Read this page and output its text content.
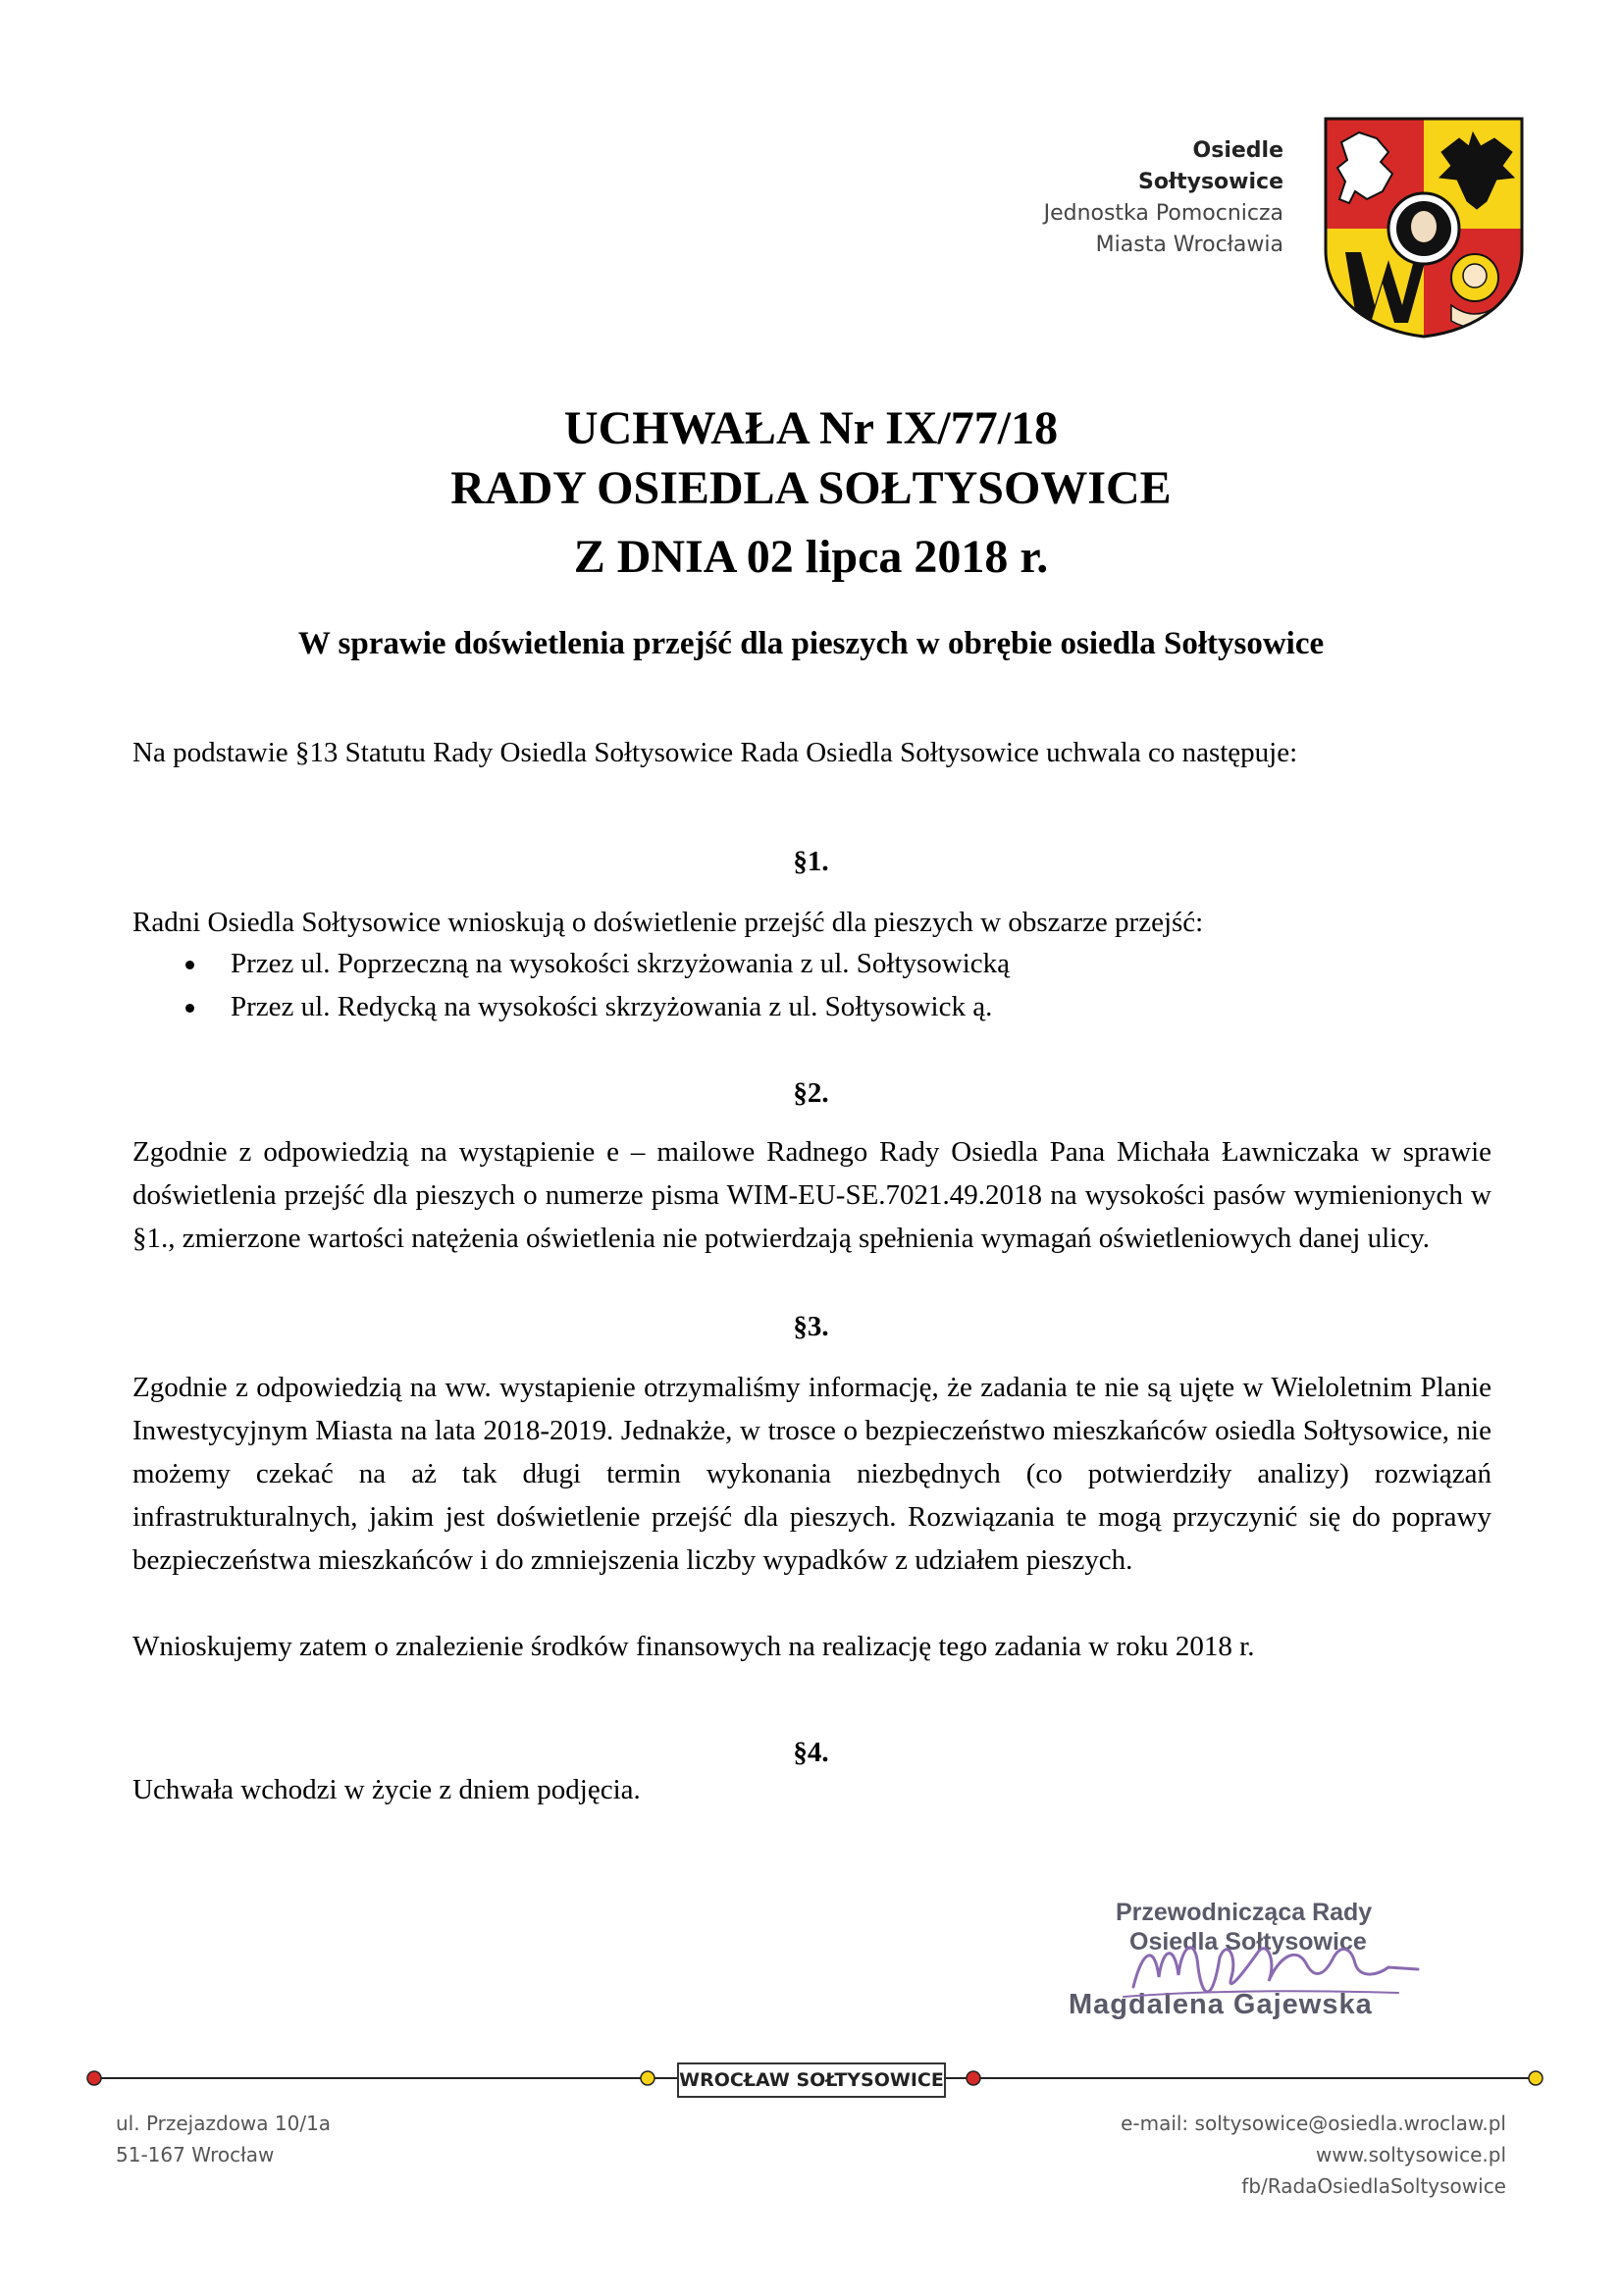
Osiedle
Sołtysowice
Jednostka Pomocnicza
Miasta Wrocławia
UCHWAŁA Nr IX/77/18
RADY OSIEDLA SOŁTYSOWICE
Z DNIA 02 lipca 2018 r.
W sprawie doświetlenia przejść dla pieszych w obrębie osiedla Sołtysowice
Na podstawie §13 Statutu Rady Osiedla Sołtysowice Rada Osiedla Sołtysowice uchwala co następuje:
§1.
Radni Osiedla Sołtysowice wnioskują o doświetlenie przejść dla pieszych w obszarze przejść:
Przez ul. Poprzeczną na wysokości skrzyżowania z ul. Sołtysowicką
Przez ul. Redycką na wysokości skrzyżowania z ul. Sołtysowick ą.
§2.
Zgodnie z odpowiedzią na wystąpienie e – mailowe Radnego Rady Osiedla Pana Michała Ławniczaka w sprawie doświetlenia przejść dla pieszych o numerze pisma WIM-EU-SE.7021.49.2018 na wysokości pasów wymienionych w §1., zmierzone wartości natężenia oświetlenia nie potwierdzają spełnienia wymagań oświetleniowych danej ulicy.
§3.
Zgodnie z odpowiedzią na ww. wystapienie otrzymaliśmy informację, że zadania te nie są ujęte w Wieloletnim Planie Inwestycyjnym Miasta na lata 2018-2019. Jednakże, w trosce o bezpieczeństwo mieszkańców osiedla Sołtysowice, nie możemy czekać na aż tak długi termin wykonania niezbędnych (co potwierdziły analizy) rozwiązań infrastrukturalnych, jakim jest doświetlenie przejść dla pieszych. Rozwiązania te mogą przyczynić się do poprawy bezpieczeństwa mieszkańców i do zmniejszenia liczby wypadków z udziałem pieszych.
Wnioskujemy zatem o znalezienie środków finansowych na realizację tego zadania w roku 2018 r.
§4.
Uchwała wchodzi w życie z dniem podjęcia.
Przewodnicząca Rady
Osiedla Sołtysowice
Magdalena Gajewska
WROCŁAW SOŁTYSOWICE
ul. Przejazdowa 10/1a
51-167 Wrocław
e-mail: soltysowice@osiedla.wroclaw.pl
www.soltysowice.pl
fb/RadaOsiedlaSoltysowice
